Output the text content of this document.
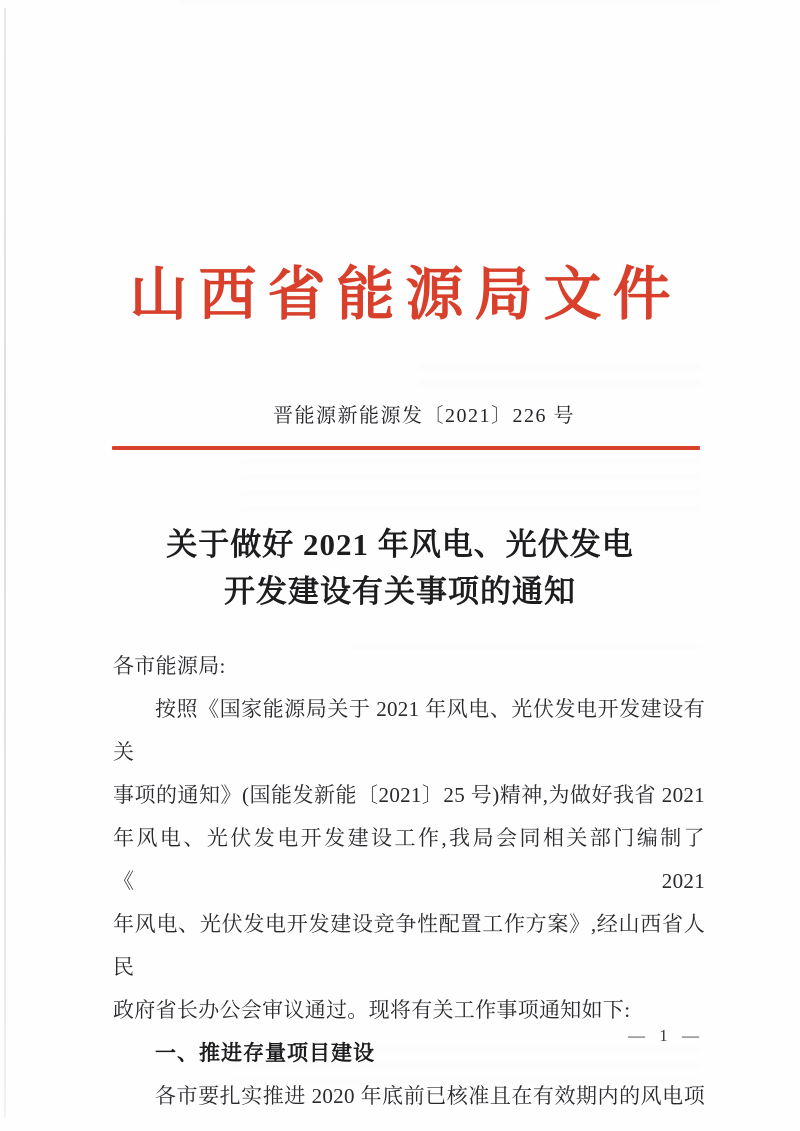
山西省能源局文件
晋能源新能源发〔2021〕226 号
关于做好 2021 年风电、光伏发电
开发建设有关事项的通知
各市能源局:
按照《国家能源局关于 2021 年风电、光伏发电开发建设有关
事项的通知》(国能发新能〔2021〕25 号)精神,为做好我省 2021
年风电、光伏发电开发建设工作,我局会同相关部门编制了《2021
年风电、光伏发电开发建设竞争性配置工作方案》,经山西省人民
政府省长办公会审议通过。现将有关工作事项通知如下:
一、推进存量项目建设
各市要扎实推进 2020 年底前已核准且在有效期内的风电项
— 1 —
